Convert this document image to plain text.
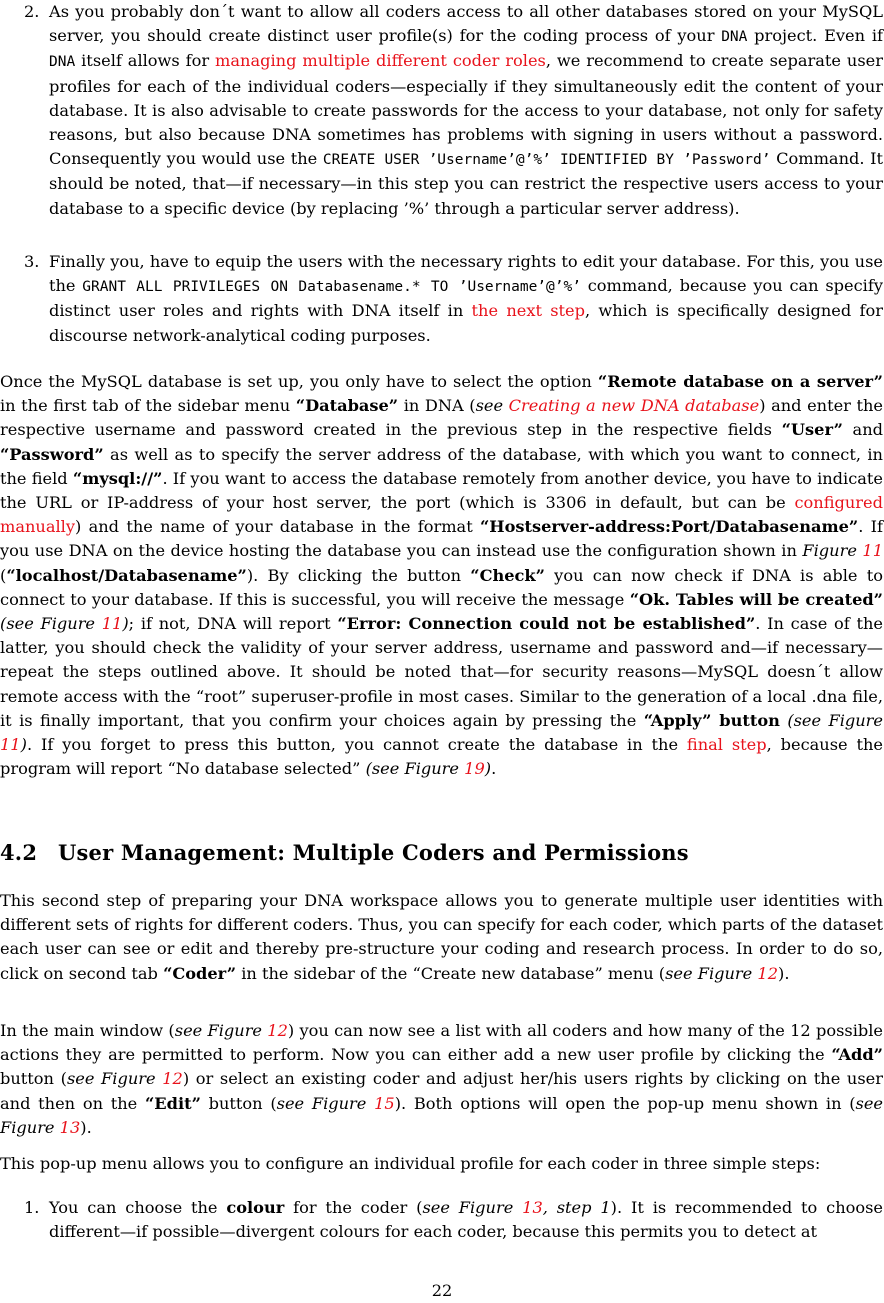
2. As you probably don´t want to allow all coders access to all other databases stored on your MySQL server, you should create distinct user profile(s) for the coding process of your DNA project. Even if DNA itself allows for managing multiple different coder roles, we recommend to create separate user profiles for each of the individual coders—especially if they simultaneously edit the content of your database. It is also advisable to create passwords for the access to your database, not only for safety reasons, but also because DNA sometimes has problems with signing in users without a password. Consequently you would use the CREATE USER ’Username’@’%’ IDENTIFIED BY ’Password’ Command. It should be noted, that—if necessary—in this step you can restrict the respective users access to your database to a specific device (by replacing ’%’ through a particular server address).
3. Finally you, have to equip the users with the necessary rights to edit your database. For this, you use the GRANT ALL PRIVILEGES ON Databasename.* TO ’Username’@’%’ command, because you can specify distinct user roles and rights with DNA itself in the next step, which is specifically designed for discourse network-analytical coding purposes.
Once the MySQL database is set up, you only have to select the option “Remote database on a server” in the first tab of the sidebar menu “Database” in DNA (see Creating a new DNA database) and enter the respective username and password created in the previous step in the respective fields “User” and “Password” as well as to specify the server address of the database, with which you want to connect, in the field “mysql://”. If you want to access the database remotely from another device, you have to indicate the URL or IP-address of your host server, the port (which is 3306 in default, but can be configured manually) and the name of your database in the format “Hostserver-address:Port/Databasename”. If you use DNA on the device hosting the database you can instead use the configuration shown in Figure 11 (“localhost/Databasename”). By clicking the button “Check” you can now check if DNA is able to connect to your database. If this is successful, you will receive the message “Ok. Tables will be created” (see Figure 11); if not, DNA will report “Error: Connection could not be established”. In case of the latter, you should check the validity of your server address, username and password and—if necessary—repeat the steps outlined above. It should be noted that—for security reasons—MySQL doesn´t allow remote access with the “root” superuser-profile in most cases. Similar to the generation of a local .dna file, it is finally important, that you confirm your choices again by pressing the “Apply” button (see Figure 11). If you forget to press this button, you cannot create the database in the final step, because the program will report “No database selected” (see Figure 19).
4.2 User Management: Multiple Coders and Permissions
This second step of preparing your DNA workspace allows you to generate multiple user identities with different sets of rights for different coders. Thus, you can specify for each coder, which parts of the dataset each user can see or edit and thereby pre-structure your coding and research process. In order to do so, click on second tab “Coder” in the sidebar of the “Create new database” menu (see Figure 12).
In the main window (see Figure 12) you can now see a list with all coders and how many of the 12 possible actions they are permitted to perform. Now you can either add a new user profile by clicking the “Add” button (see Figure 12) or select an existing coder and adjust her/his users rights by clicking on the user and then on the “Edit” button (see Figure 15). Both options will open the pop-up menu shown in (see Figure 13).
This pop-up menu allows you to configure an individual profile for each coder in three simple steps:
1. You can choose the colour for the coder (see Figure 13, step 1). It is recommended to choose different—if possible—divergent colours for each coder, because this permits you to detect at
22
